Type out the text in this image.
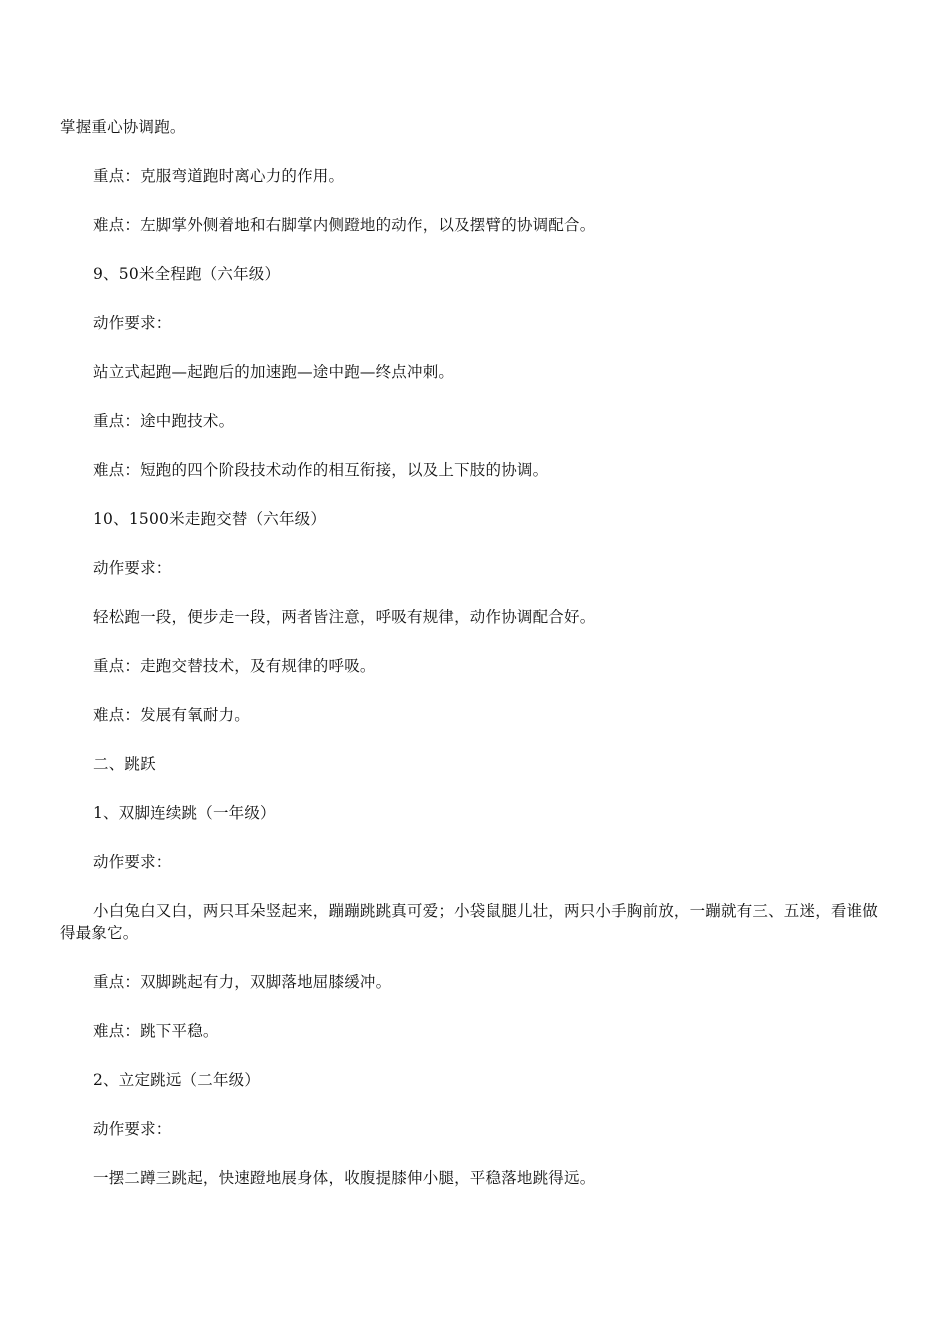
掌握重心协调跑。

重点：克服弯道跑时离心力的作用。

难点：左脚掌外侧着地和右脚掌内侧蹬地的动作，以及摆臂的协调配合。

9、50米全程跑（六年级）

动作要求：

站立式起跑—起跑后的加速跑—途中跑—终点冲刺。

重点：途中跑技术。

难点：短跑的四个阶段技术动作的相互衔接，以及上下肢的协调。

10、1500米走跑交替（六年级）

动作要求：

轻松跑一段，便步走一段，两者皆注意，呼吸有规律，动作协调配合好。

重点：走跑交替技术，及有规律的呼吸。

难点：发展有氧耐力。

二、跳跃

1、双脚连续跳（一年级）

动作要求：

小白兔白又白，两只耳朵竖起来，蹦蹦跳跳真可爱；小袋鼠腿儿壮，两只小手胸前放，一蹦就有三、五迷，看谁做得最象它。

重点：双脚跳起有力，双脚落地屈膝缓冲。

难点：跳下平稳。

2、立定跳远（二年级）

动作要求：

一摆二蹲三跳起，快速蹬地展身体，收腹提膝伸小腿，平稳落地跳得远。
